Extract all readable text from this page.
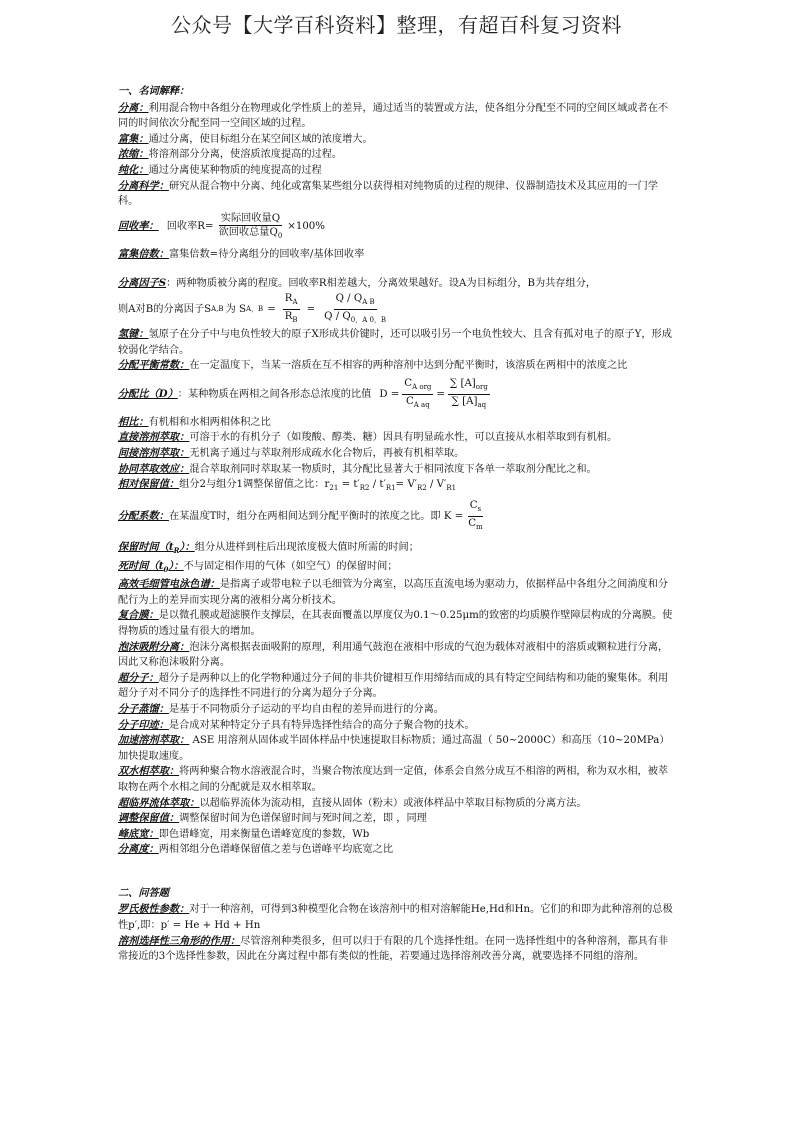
公众号【大学百科资料】整理，有超百科复习资料
一、名词解释：

分离：利用混合物中各组分在物理或化学性质上的差异，通过适当的装置或方法，使各组分分配至不同的空间区域或者在不同的时间依次分配至同一空间区域的过程。

富集：通过分离，使目标组分在某空间区域的浓度增大。

浓缩：将溶剂部分分离，使溶质浓度提高的过程。

纯化：通过分离使某种物质的纯度提高的过程

分离科学：研究从混合物中分离、纯化或富集某些组分以获得相对纯物质的过程的规律、仪器制造技术及其应用的一门学科。

回收率： 回收率$R= \frac{\text{实际回收量Q}}{欲回收总量Q_0} \times 100\%$

富集倍数：富集倍数=待分离组分的回收率/基体回收率

分离因子S：两种物质被分离的程度。回收率R相差越大，分离效果越好。设A为目标组分，B为共存组分，

则A对B的分离因子S A,B 为 S A，$B = \frac{R_A}{R_B} = \frac{Q / Q_{A B}}{Q / Q_{0,A 0,B}}$

氢键：氢原子在分子中与电负性较大的原子X形成共价键时，还可以吸引另一个电负性较大、且含有孤对电子的原子Y，形成较弱化学结合。

分配平衡常数：在一定温度下，当某一溶质在互不相容的两种溶剂中达到分配平衡时，该溶质在两相中的浓度之比

分配比（D） ：某种物质在两相之间各形态总浓度的比值 $D = \frac{C_{A org}}{C_{A aq}} = \frac{\sum [A]_{org}}{\sum [A]_{aq}}$

相比：有机相和水相两相体积之比

直接溶剂萃取：可溶于水的有机分子（如羧酸、醇类、糖）因具有明显疏水性，可以直接从水相萃取到有机相。

间接溶剂萃取：无机离子通过与萃取剂形成疏水化合物后，再被有机相萃取。

协同萃取效应：混合萃取剂同时萃取某一物质时，其分配比显著大于相同浓度下各单一萃取剂分配比之和。

相对保留值：组分2与组分1调整保留值之比：$r_{21} = t'_{R2} / t'_{R1}= V'_{R2} / V'_{R1}$

分配系数： 在某温度T时，组分在两相间达到分配平衡时的浓度之比。即 $K = \frac{C_s}{C_m}$

保留时间$(t_R)$：组分从进样到柱后出现浓度极大值时所需的时间；

死时间$(t_0)$：不与固定相作用的气体（如空气）的保留时间；

高效毛细管电泳色谱：是指离子或带电粒子以毛细管为分离室，以高压直流电场为驱动力，依据样品中各组分之间淌度和分配行为上的差异而实现分离的液相分离分析技术。

复合膜：是以微孔膜或超滤膜作支撑层，在其表面覆盖以厚度仅为0.1～0.25μm的致密的均质膜作壁障层构成的分离膜。使得物质的透过量有很大的增加。

泡沫吸附分离：泡沫分离根据表面吸附的原理，利用通气鼓泡在液相中形成的气泡为载体对液相中的溶质或颗粒进行分离，因此又称泡沫吸附分离。

超分子：超分子是两种以上的化学物种通过分子间的非共价键相互作用缔结而成的具有特定空间结构和功能的聚集体。利用超分子对不同分子的选择性不同进行的分离为超分子分离。

分子蒸馏：是基于不同物质分子运动的平均自由程的差异而进行的分离。

分子印迹：是合成对某种特定分子具有特异选择性结合的高分子聚合物的技术。

加速溶剂萃取： ASE 用溶剂从固体或半固体样品中快速提取目标物质；通过高温（ 50~2000C）和高压（10~20MPa）加快提取速度。

双水相萃取：将两种聚合物水溶液混合时，当聚合物浓度达到一定值，体系会自然分成互不相溶的两相，称为双水相，被萃取物在两个水相之间的分配就是双水相萃取。

超临界流体萃取：以超临界流体为流动相，直接从固体（粉末）或液体样品中萃取目标物质的分离方法。

调整保留值：调整保留时间为色谱保留时间与死时间之差，即 ，同理

峰底宽：即色谱峰宽，用来衡量色谱峰宽度的参数，Wb

分离度：两相邻组分色谱峰保留值之差与色谱峰平均底宽之比

二、问答题

罗氏极性参数：对于一种溶剂，可得到3种模型化合物在该溶剂中的相对溶解能He,Hd和Hn。它们的和即为此种溶剂的总极性p′,即：p′ = He + Hd + Hn

溶剂选择性三角形的作用：尽管溶剂种类很多，但可以归于有限的几个选择性组。在同一选择性组中的各种溶剂，都具有非常接近的3个选择性参数，因此在分离过程中都有类似的性能，若要通过选择溶剂改善分离，就要选择不同组的溶剂。
